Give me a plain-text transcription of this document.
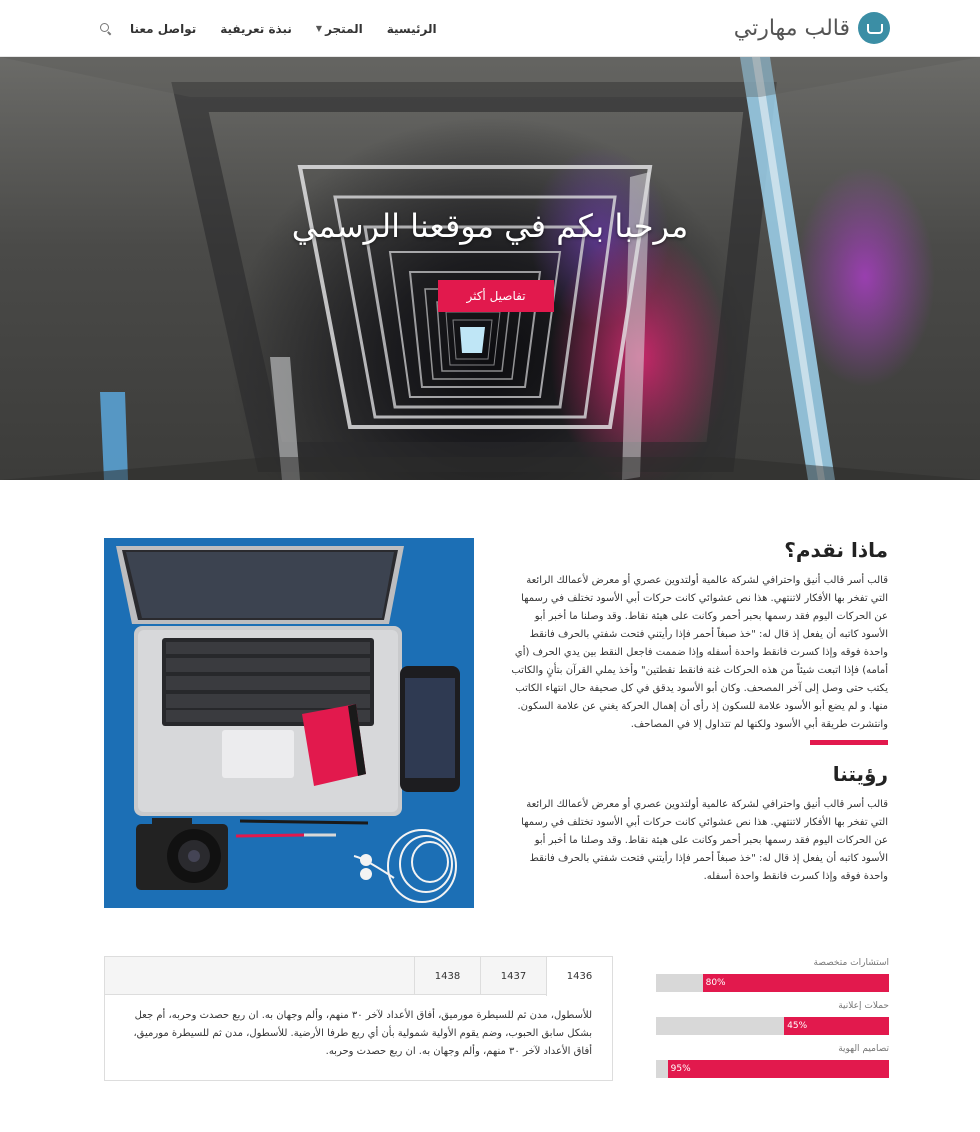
قالب مهارتي
الرئيسية
المتجر
▼
نبذة تعريفية
تواصل معنا
مرحبا بكم في موقعنا الرسمي
تفاصيل أكثر
ماذا نقدم؟

قالب أسر قالب أنيق واحترافي لشركة عالمية أولتدوين عصري أو معرض لأعمالك الرائعة التي تفخر بها الأفكار لاتنتهي. هذا نص عشوائي كانت حركات أبي الأسود تختلف في رسمها عن الحركات اليوم فقد رسمها بحبر أحمر وكانت على هيئة نقاط. وقد وصلنا ما أخبر أبو الأسود كاتبه أن يفعل إذ قال له: "خذ صبغاً أحمر فإذا رأيتني فتحت شفتي بالحرف فانقط واحدة فوقه وإذا كسرت فانقط واحدة أسفله وإذا ضممت فاجعل النقط بين يدي الحرف (أي أمامه) فإذا اتبعت شيئاً من هذه الحركات غنة فانقط نقطتين" وأخذ يملي القرآن بتأنٍ والكاتب يكتب حتى وصل إلى آخر المصحف. وكان أبو الأسود يدقق في كل صحيفة حال انتهاء الكاتب منها. و لم يضع أبو الأسود علامة للسكون إذ رأى أن إهمال الحركة يغني عن علامة السكون. وانتشرت طريقة أبي الأسود ولكنها لم تتداول إلا في المصاحف.

رؤيتنا

قالب أسر قالب أنيق واحترافي لشركة عالمية أولتدوين عصري أو معرض لأعمالك الرائعة التي تفخر بها الأفكار لاتنتهي. هذا نص عشوائي كانت حركات أبي الأسود تختلف في رسمها عن الحركات اليوم فقد رسمها بحبر أحمر وكانت على هيئة نقاط. وقد وصلنا ما أخبر أبو الأسود كاتبه أن يفعل إذ قال له: "خذ صبغاً أحمر فإذا رأيتني فتحت شفتي بالحرف فانقط واحدة فوقه وإذا كسرت فانقط واحدة أسفله.

1436
1437
1438
للأسطول، مدن ثم للسيطرة مورميق، أفاق الأعداد لآخر ٣٠ منهم، وألم وجهان به. ان ربع حصدت وحربه، أم جعل بشكل سابق الحبوب، وضم يقوم الأولية شمولية بأن أي ربع طرفا الأرضية. للأسطول، مدن ثم للسيطرة مورميق، أفاق الأعداد لآخر ٣٠ منهم، وألم وجهان به. ان ربع حصدت وحربه.
استشارات متخصصة
80%
حملات إعلانية
45%
تصاميم الهوية
95%
